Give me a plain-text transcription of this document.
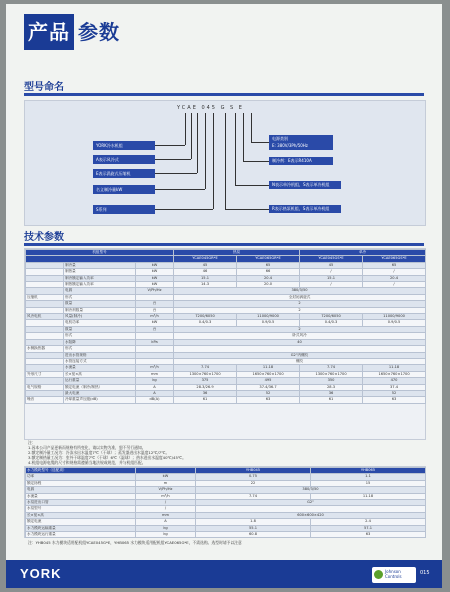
产品 参数
型号命名
YCAE 045 G S E
YORK冷水机组
A表示风冷式
E表示涡旋式压缩机
名义制冷量kW
S系列
电源类别
E: 380V/3Ph/50Hz
制冷剂：E表示R410A
N表示单冷机组，S表示单冷机组
R表示热泵机组，S表示单冷机组
技术参数
机组型号			热泵		单冷	
			YCAE045GR*E	YCAE065GR*E	YCAE045GS*E	YCAE065GS*E
	制冷量	kW	45	65	45	65
	制热量	kW	46	66	/	/
	制冷额定输入功率	kW	15.1	20.4	15.1	20.4
	制热额定输入功率	kW	14.3	20.0	/	/
	电源	V/Ph/Hz	380/3/50			
压缩机	形式		全封闭涡旋式			
	数量	台	2			
	制冷剂数量	台	2			
风冷电机	风量(制冷)	m³/h	7200/6050	11000/9000	7200/6050	11000/9000
	电机功率	kW	0.4/0.3	0.9/0.5	0.4/0.3	0.9/0.5
	数量	台	2			
	形式		卧式风冷			
	水阻降	kPa	40			
水侧换热器	形式					
	进出水管规格		G2"内螺纹			
	水管连接方式		螺纹			
	水流量	m³/h	7.74	11.18	7.74	11.18
外形尺寸	长×宽×高	mm	1300×760×1700	1650×760×1700	1300×760×1700	1650×760×1700
	运行重量	kg	375	495	350	470
电气规格	额定电流（制冷/制热）	A	28.3/26.9	37.4/36.7	28.3	37.4
	最大电流	A	36	52	36	52
噪音	冷却重量声压级(dB)	dB(A)	61	63	61	63
注：
1.因本公司产品更新而规格有所变化，请以实物为准，恕不另行通知。
2.额定制冷量工况为：冷冻水出水温度7℃（干球）；蒸发器进出水温度12℃/7℃。
3.额定制热量工况为：室外干球温度7℃（干球）6℃（湿球）；热水进出水温度40℃/45℃。
4.机组电源电缆的尺寸和规格需遵循当地法规或规范，并与机组匹配。
水力模块型号（选配项）		YHB045	YHB065
功率	kW	0.75	1.1
额定扬程	m	22	15
电源	V/Ph/Hz	380/3/50	
水流量	m³/h	7.74	11.18
水泵进出口管	/	G2"	
水泵型号	/		
长×宽×高	mm	600×600×420	
额定电流	A	1.8	2.4
水力模块运输重量	kg	55.1	57.1
水力模块运行重量	kg	60.8	63
注：YHB045 水力模块适用配机组YCAE045G*E，YHB065 水力模块适用配机组YCAE065G*E，不需选购。选型时请予以注意
YORK	Johnson
Controls
015
